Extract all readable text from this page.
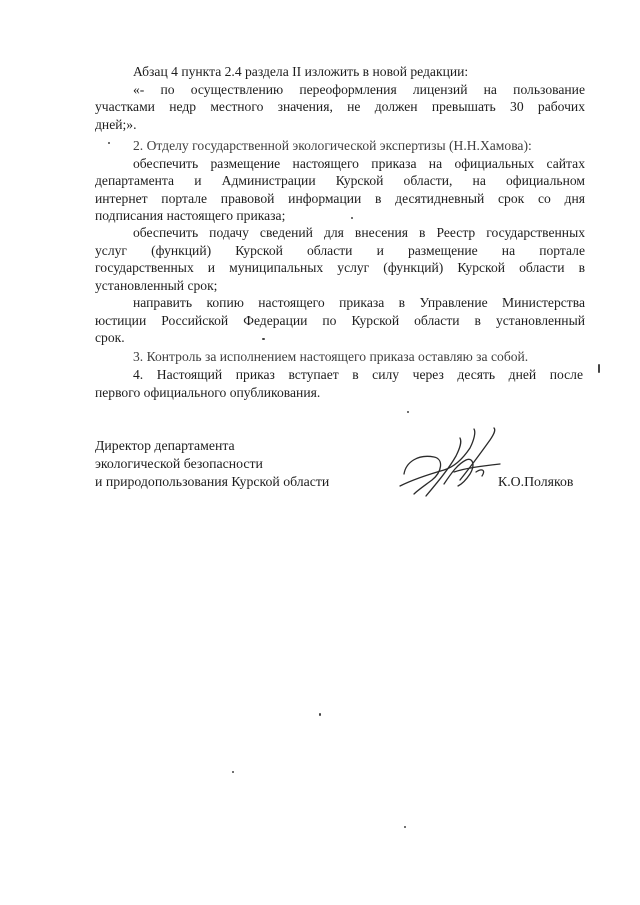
Абзац 4 пункта 2.4 раздела II изложить в новой редакции:
«- по осуществлению переоформления лицензий на пользование
участками недр местного значения, не должен превышать 30 рабочих
дней;».
2. Отделу государственной экологической экспертизы (Н.Н.Хамова):
обеспечить размещение настоящего приказа на официальных сайтах
департамента и Администрации Курской области, на официальном
интернет портале правовой информации в десятидневный срок со дня
подписания настоящего приказа;
обеспечить подачу сведений для внесения в Реестр государственных
услуг (функций) Курской области и размещение на портале
государственных и муниципальных услуг (функций) Курской области в
установленный срок;
направить копию настоящего приказа в Управление Министерства
юстиции Российской Федерации по Курской области в установленный
срок.
3. Контроль за исполнением настоящего приказа оставляю за собой.
4. Настоящий приказ вступает в силу через десять дней после
первого официального опубликования.
Директор департамента
экологической безопасности
и природопользования Курской области	К.О.Поляков
